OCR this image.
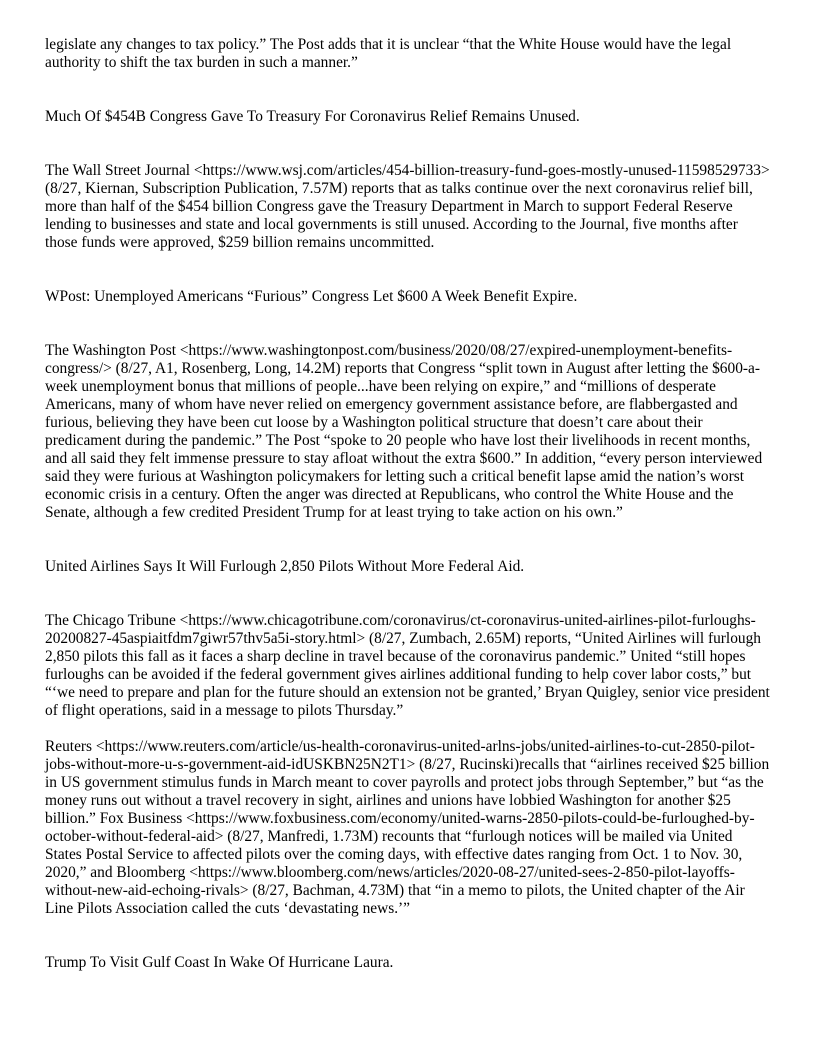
legislate any changes to tax policy.” The Post adds that it is unclear “that the White House would have the legal authority to shift the tax burden in such a manner.”

Much Of $454B Congress Gave To Treasury For Coronavirus Relief Remains Unused.

The Wall Street Journal <https://www.wsj.com/articles/454-billion-treasury-fund-goes-mostly-unused-11598529733> (8/27, Kiernan, Subscription Publication, 7.57M) reports that as talks continue over the next coronavirus relief bill, more than half of the $454 billion Congress gave the Treasury Department in March to support Federal Reserve lending to businesses and state and local governments is still unused. According to the Journal, five months after those funds were approved, $259 billion remains uncommitted.

WPost: Unemployed Americans “Furious” Congress Let $600 A Week Benefit Expire.

The Washington Post <https://www.washingtonpost.com/business/2020/08/27/expired-unemployment-benefits-congress/> (8/27, A1, Rosenberg, Long, 14.2M) reports that Congress “split town in August after letting the $600-a-week unemployment bonus that millions of people...have been relying on expire,” and “millions of desperate Americans, many of whom have never relied on emergency government assistance before, are flabbergasted and furious, believing they have been cut loose by a Washington political structure that doesn’t care about their predicament during the pandemic.” The Post “spoke to 20 people who have lost their livelihoods in recent months, and all said they felt immense pressure to stay afloat without the extra $600.” In addition, “every person interviewed said they were furious at Washington policymakers for letting such a critical benefit lapse amid the nation’s worst economic crisis in a century. Often the anger was directed at Republicans, who control the White House and the Senate, although a few credited President Trump for at least trying to take action on his own.”

United Airlines Says It Will Furlough 2,850 Pilots Without More Federal Aid.

The Chicago Tribune <https://www.chicagotribune.com/coronavirus/ct-coronavirus-united-airlines-pilot-furloughs-20200827-45aspiaitfdm7giwr57thv5a5i-story.html> (8/27, Zumbach, 2.65M) reports, “United Airlines will furlough 2,850 pilots this fall as it faces a sharp decline in travel because of the coronavirus pandemic.” United “still hopes furloughs can be avoided if the federal government gives airlines additional funding to help cover labor costs,” but “‘we need to prepare and plan for the future should an extension not be granted,’ Bryan Quigley, senior vice president of flight operations, said in a message to pilots Thursday.”

Reuters <https://www.reuters.com/article/us-health-coronavirus-united-arlns-jobs/united-airlines-to-cut-2850-pilot-jobs-without-more-u-s-government-aid-idUSKBN25N2T1> (8/27, Rucinski)recalls that “airlines received $25 billion in US government stimulus funds in March meant to cover payrolls and protect jobs through September,” but “as the money runs out without a travel recovery in sight, airlines and unions have lobbied Washington for another $25 billion.” Fox Business <https://www.foxbusiness.com/economy/united-warns-2850-pilots-could-be-furloughed-by-october-without-federal-aid> (8/27, Manfredi, 1.73M) recounts that “furlough notices will be mailed via United States Postal Service to affected pilots over the coming days, with effective dates ranging from Oct. 1 to Nov. 30, 2020,” and Bloomberg <https://www.bloomberg.com/news/articles/2020-08-27/united-sees-2-850-pilot-layoffs-without-new-aid-echoing-rivals> (8/27, Bachman, 4.73M) that “in a memo to pilots, the United chapter of the Air Line Pilots Association called the cuts ‘devastating news.’”

Trump To Visit Gulf Coast In Wake Of Hurricane Laura.
